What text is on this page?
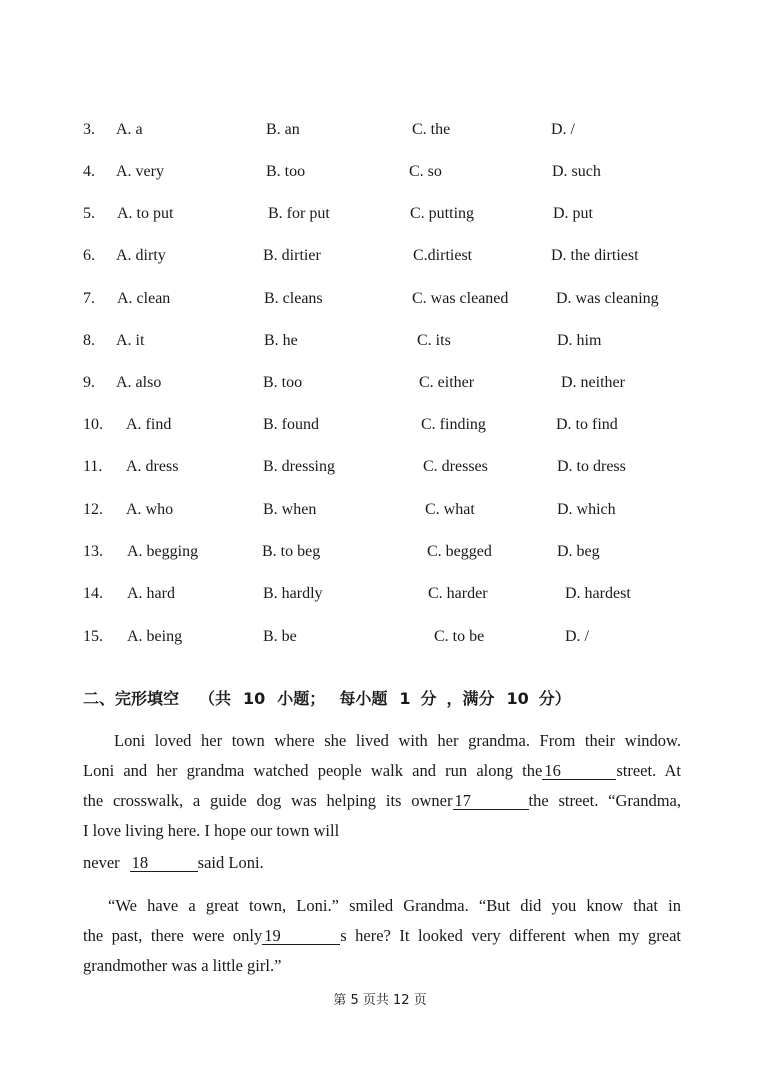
3. A. a	B. an	C. the	D. /
4. A. very	B. too	C. so	D. such
5. A. to put	B. for put	C. putting	D. put
6. A. dirty	B. dirtier	C.dirtiest	D. the dirtiest
7. A. clean	B. cleans	C. was cleaned	D. was cleaning
8. A. it	B. he	C. its	D. him
9. A. also	B. too	C. either	D. neither
10. A. find	B. found	C. finding	D. to find
11. A. dress	B. dressing	C. dresses	D. to dress
12. A. who	B. when	C. what	D. which
13. A. begging	B. to beg	C. begged	D. beg
14. A. hard	B. hardly	C. harder	D. hardest
15. A. being	B. be	C. to be	D. /
二、完形填空 （共 10 小题； 每小题 1 分 ，满分 10 分）
Loni loved her town where she lived with her grandma. From their window.
Loni and her grandma watched people walk and run along the 16	street. At
the crosswalk, a guide dog was helping its owner 17	the street. “Grandma,
I love living here. I hope our town will
never 18	said Loni.
“We have a great town, Loni.” smiled Grandma. “But did you know that in
the past, there were only 19	s here? It looked very different when my great
grandmother was a little girl.”
第 5 页共 12 页
